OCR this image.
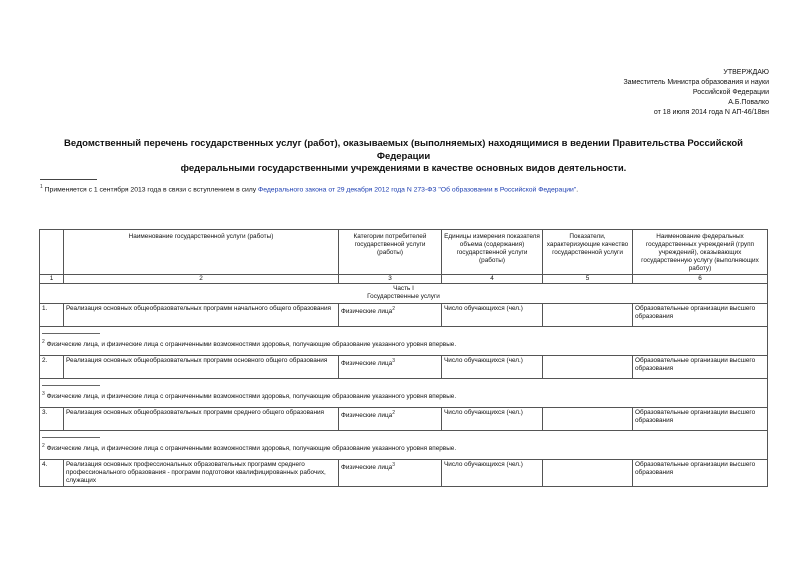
УТВЕРЖДАЮ
Заместитель Министра образования и науки
Российской Федерации
А.Б.Повалко
от 18 июля 2014 года N АП-46/18вн
Ведомственный перечень государственных услуг (работ), оказываемых (выполняемых) находящимися в ведении Правительства Российской Федерации
федеральными государственными учреждениями в качестве основных видов деятельности.
$^1$ Применяется с 1 сентября 2013 года в связи с вступлением в силу Федерального закона от 29 декабря 2012 года N 273-ФЗ "Об образовании в Российской Федерации".
	Наименование государственной услуги (работы)	Категории потребителей государственной услуги (работы)	Единицы измерения показателя объема (содержания) государственной услуги (работы)	Показатели, характеризующие качество государственной услуги	Наименование федеральных государственных учреждений (групп учреждений), оказывающих государственную услугу (выполняющих работу)
1	2	3	4	5	6

Часть I
Государственные услуги					

1.	Реализация основных общеобразовательных программ начального общего образования	Физические лица$^2$	Число обучающихся (чел.)		Образовательные организации высшего образования

$^2$ Физические лица, и физические лица с ограниченными возможностями здоровья, получающие образование указанного уровня впервые.					
2.	Реализация основных общеобразовательных программ основного общего образования	Физические лица$^3$	Число обучающихся (чел.)		Образовательные организации высшего образования

$^3$ Физические лица, и физические лица с ограниченными возможностями здоровья, получающие образование указанного уровня впервые.					
3.	Реализация основных общеобразовательных программ среднего общего образования	Физические лица$^2$	Число обучающихся (чел.)		Образовательные организации высшего образования

$^2$ Физические лица, и физические лица с ограниченными возможностями здоровья, получающие образование указанного уровня впервые.					
4.	Реализация основных профессиональных образовательных программ среднего профессионального образования - программ подготовки квалифицированных рабочих, служащих	Физические лица$^3$	Число обучающихся (чел.)		Образовательные организации высшего образования
